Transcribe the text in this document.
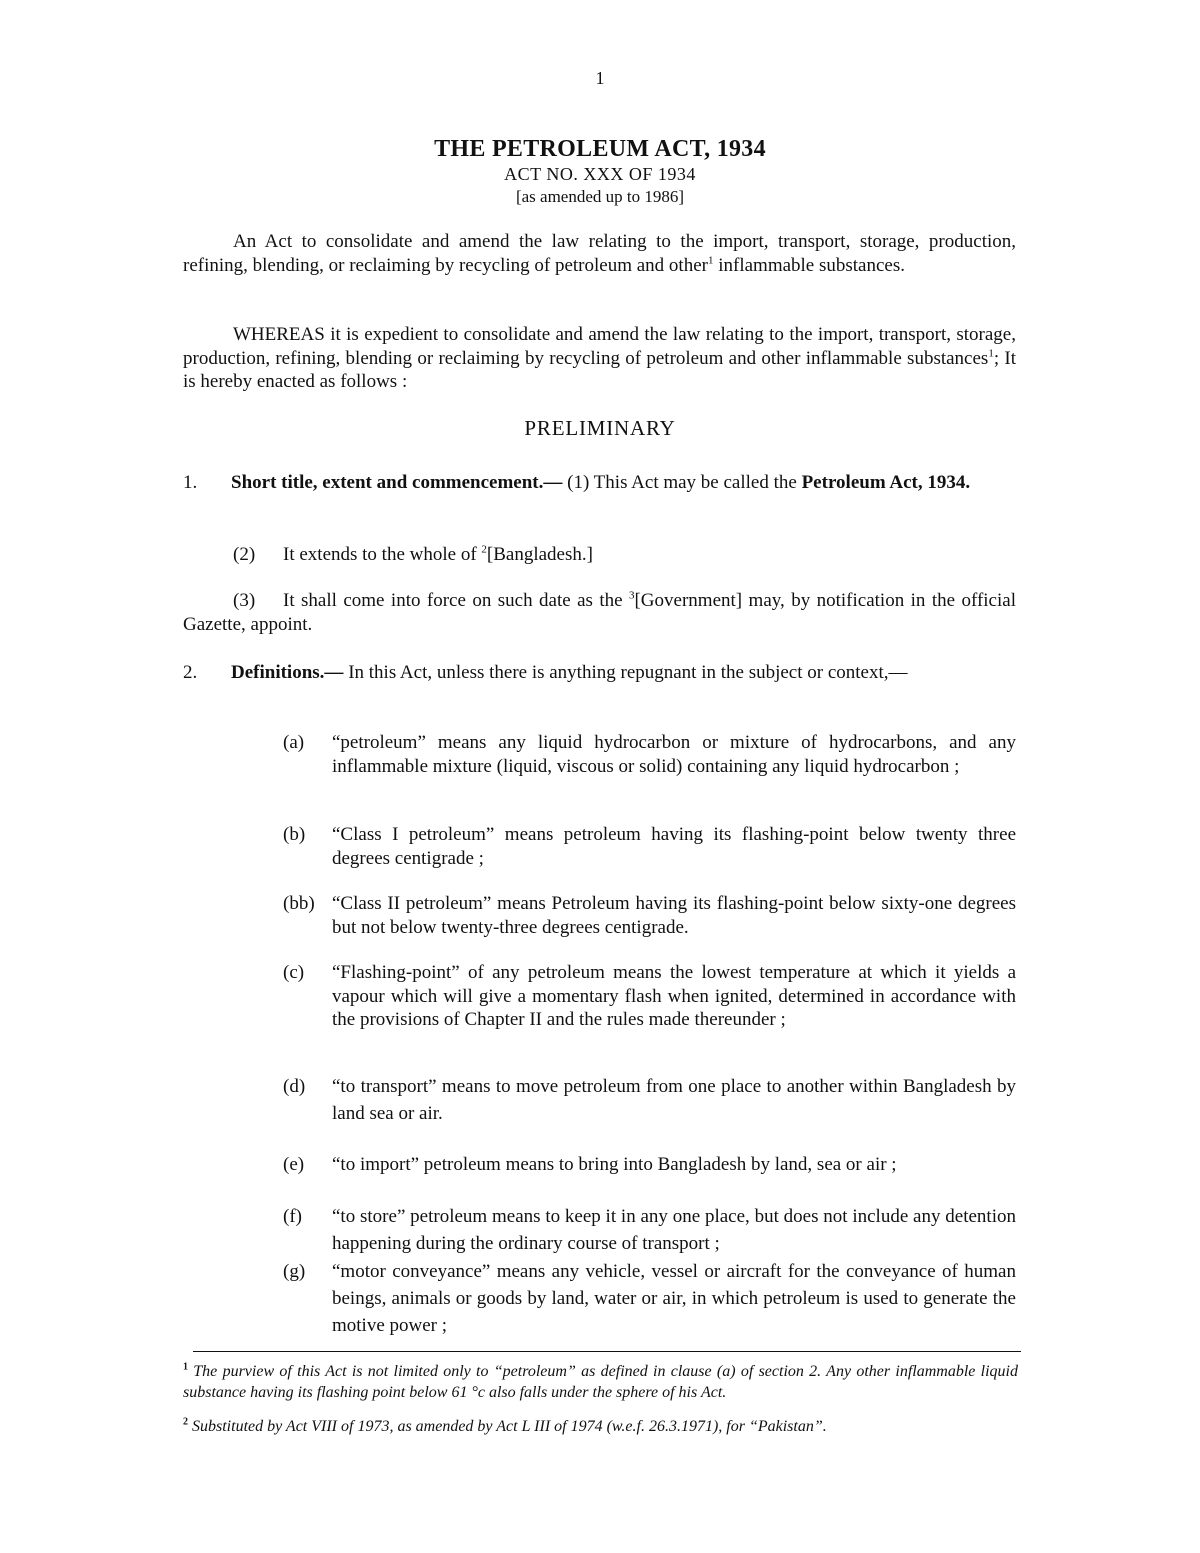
1
THE PETROLEUM ACT, 1934
ACT NO. XXX OF 1934
[as amended up to 1986]

An Act to consolidate and amend the law relating to the import, transport, storage, production, refining, blending, or reclaiming by recycling of petroleum and other$^1$ inflammable substances.

WHEREAS it is expedient to consolidate and amend the law relating to the import, transport, storage, production, refining, blending or reclaiming by recycling of petroleum and other inflammable substances$^1$; It is hereby enacted as follows :

PRELIMINARY

1. Short title, extent and commencement.— (1) This Act may be called the Petroleum Act, 1934.

(2) It extends to the whole of $^2$[Bangladesh.]

(3) It shall come into force on such date as the $^3$[Government] may, by notification in the official Gazette, appoint.

2. Definitions.— In this Act, unless there is anything repugnant in the subject or context,—

(a) “petroleum” means any liquid hydrocarbon or mixture of hydrocarbons, and any inflammable mixture (liquid, viscous or solid) containing any liquid hydrocarbon ;
(b) “Class I petroleum” means petroleum having its flashing-point below twenty three degrees centigrade ;
(bb) “Class II petroleum” means Petroleum having its flashing-point below sixty-one degrees but not below twenty-three degrees centigrade.
(c) “Flashing-point” of any petroleum means the lowest temperature at which it yields a vapour which will give a momentary flash when ignited, determined in accordance with the provisions of Chapter II and the rules made thereunder ;
(d) “to transport” means to move petroleum from one place to another within Bangladesh by land sea or air.
(e) “to import” petroleum means to bring into Bangladesh by land, sea or air ;
(f) “to store” petroleum means to keep it in any one place, but does not include any detention happening during the ordinary course of transport ;
(g) “motor conveyance” means any vehicle, vessel or aircraft for the conveyance of human beings, animals or goods by land, water or air, in which petroleum is used to generate the motive power ;
$^1$ The purview of this Act is not limited only to “petroleum” as defined in clause (a) of section 2. Any other inflammable liquid substance having its flashing point below 61 °c also falls under the sphere of his Act.
$^2$ Substituted by Act VIII of 1973, as amended by Act L III of 1974 (w.e.f. 26.3.1971), for “Pakistan”.
